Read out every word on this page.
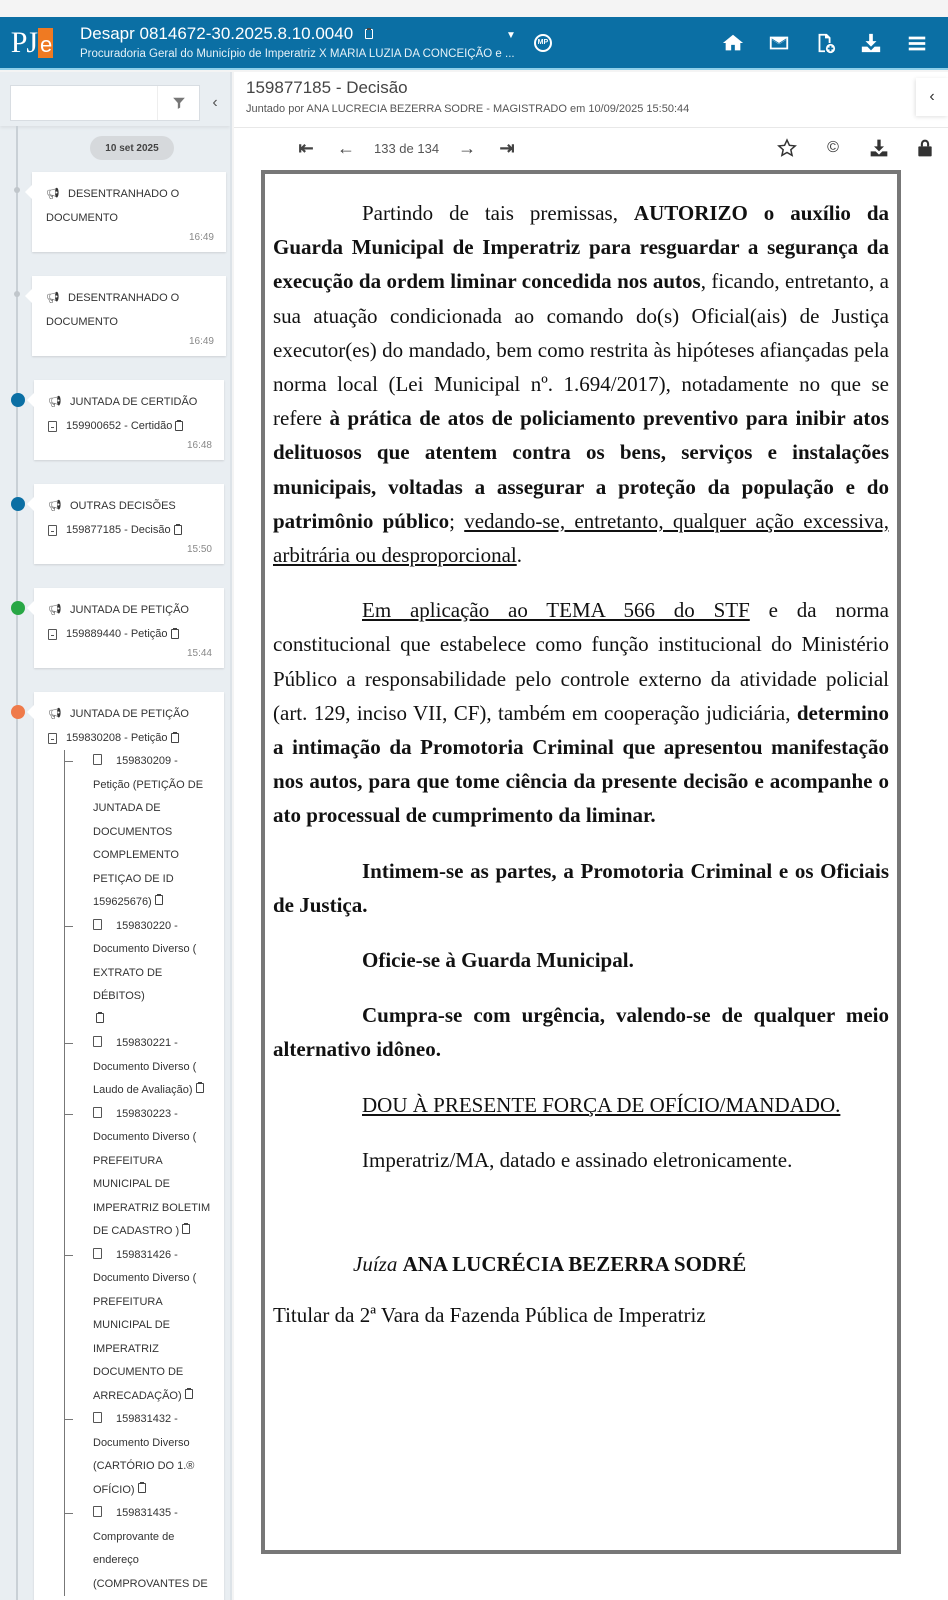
PJ e Desapr 0814672-30.2025.8.10.0040
Procuradoria Geral do Município de Imperatriz X MARIA LUZIA DA CONCEIÇÃO e ...
▼
MP
‹
10 set 2025
📢︎ DESENTRANHADO O DOCUMENTO
16:49
📢︎ DESENTRANHADO O DOCUMENTO
16:49
📢︎ JUNTADA DE CERTIDÃO
159900652 - Certidão
16:48
📢︎ OUTRAS DECISÕES
159877185 - Decisão
15:50
📢︎ JUNTADA DE PETIÇÃO
159889440 - Petição
15:44
📢︎ JUNTADA DE PETIÇÃO
159830208 - Petição
159830209 - Petição (PETIÇÃO DE JUNTADA DE DOCUMENTOS COMPLEMENTO PETIÇAO DE ID 159625676)
159830220 - Documento Diverso ( EXTRATO DE DÉBITOS)

159830221 - Documento Diverso ( Laudo de Avaliação)
159830223 - Documento Diverso ( PREFEITURA MUNICIPAL DE IMPERATRIZ BOLETIM DE CADASTRO )
159831426 - Documento Diverso ( PREFEITURA MUNICIPAL DE IMPERATRIZ DOCUMENTO DE ARRECADAÇÃO)
159831432 - Documento Diverso (CARTÓRIO DO 1.® OFÍCIO)
159831435 - Comprovante de endereço (COMPROVANTES DE
159877185 - Decisão
Juntado por ANA LUCRECIA BEZERRA SODRE - MAGISTRADO em 10/09/2025 15:50:44
‹
⇤ ←	133 de 134	→ ⇥	©

Partindo de tais premissas, AUTORIZO o auxílio da Guarda Municipal de Imperatriz para resguardar a segurança da execução da ordem liminar concedida nos autos, ficando, entretanto, a sua atuação condicionada ao comando do(s) Oficial(ais) de Justiça executor(es) do mandado, bem como restrita às hipóteses afiançadas pela norma local (Lei Municipal nº. 1.694/2017), notadamente no que se refere à prática de atos de policiamento preventivo para inibir atos delituosos que atentem contra os bens, serviços e instalações municipais, voltadas a assegurar a proteção da população e do patrimônio público; vedando-se, entretanto, qualquer ação excessiva, arbitrária ou desproporcional.

Em aplicação ao TEMA 566 do STF e da norma constitucional que estabelece como função institucional do Ministério Público a responsabilidade pelo controle externo da atividade policial (art. 129, inciso VII, CF), também em cooperação judiciária, determino a intimação da Promotoria Criminal que apresentou manifestação nos autos, para que tome ciência da presente decisão e acompanhe o ato processual de cumprimento da liminar.

Intimem-se as partes, a Promotoria Criminal e os Oficiais de Justiça.

Oficie-se à Guarda Municipal.

Cumpra-se com urgência, valendo-se de qualquer meio alternativo idôneo.

DOU À PRESENTE FORÇA DE OFÍCIO/MANDADO.

Imperatriz/MA, datado e assinado eletronicamente.

Juíza ANA LUCRÉCIA BEZERRA SODRÉ

Titular da 2ª Vara da Fazenda Pública de Imperatriz
